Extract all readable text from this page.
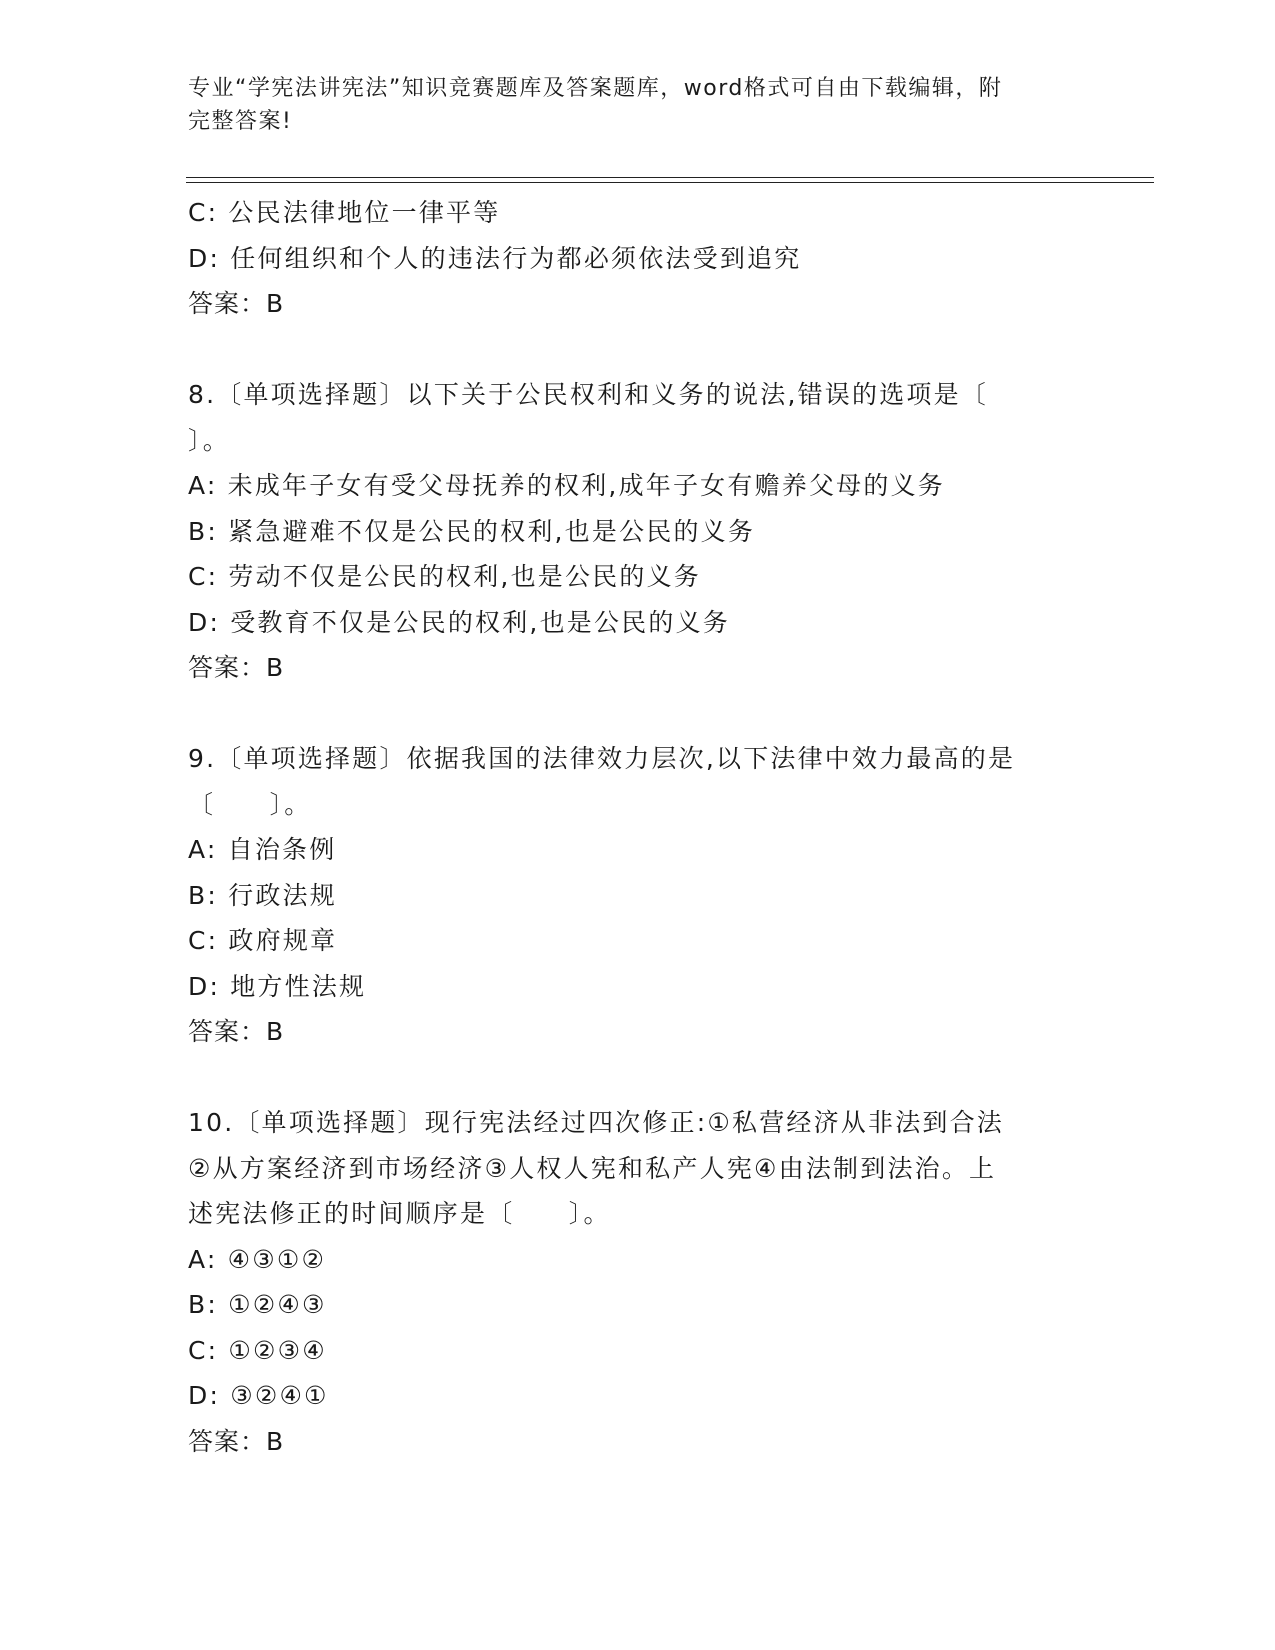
专业“学宪法讲宪法”知识竞赛题库及答案题库，word格式可自由下载编辑，附
完整答案!
C: 公民法律地位一律平等
D: 任何组织和个人的违法行为都必须依法受到追究
答案：B
8.〔单项选择题〕以下关于公民权利和义务的说法,错误的选项是〔
〕。
A: 未成年子女有受父母抚养的权利,成年子女有赡养父母的义务
B: 紧急避难不仅是公民的权利,也是公民的义务
C: 劳动不仅是公民的权利,也是公民的义务
D: 受教育不仅是公民的权利,也是公民的义务
答案：B
9.〔单项选择题〕依据我国的法律效力层次,以下法律中效力最高的是
〔　　〕。
A: 自治条例
B: 行政法规
C: 政府规章
D: 地方性法规
答案：B
10.〔单项选择题〕现行宪法经过四次修正:①私营经济从非法到合法
②从方案经济到市场经济③人权人宪和私产人宪④由法制到法治。上
述宪法修正的时间顺序是〔　　〕。
A: ④③①②
B: ①②④③
C: ①②③④
D: ③②④①
答案：B
